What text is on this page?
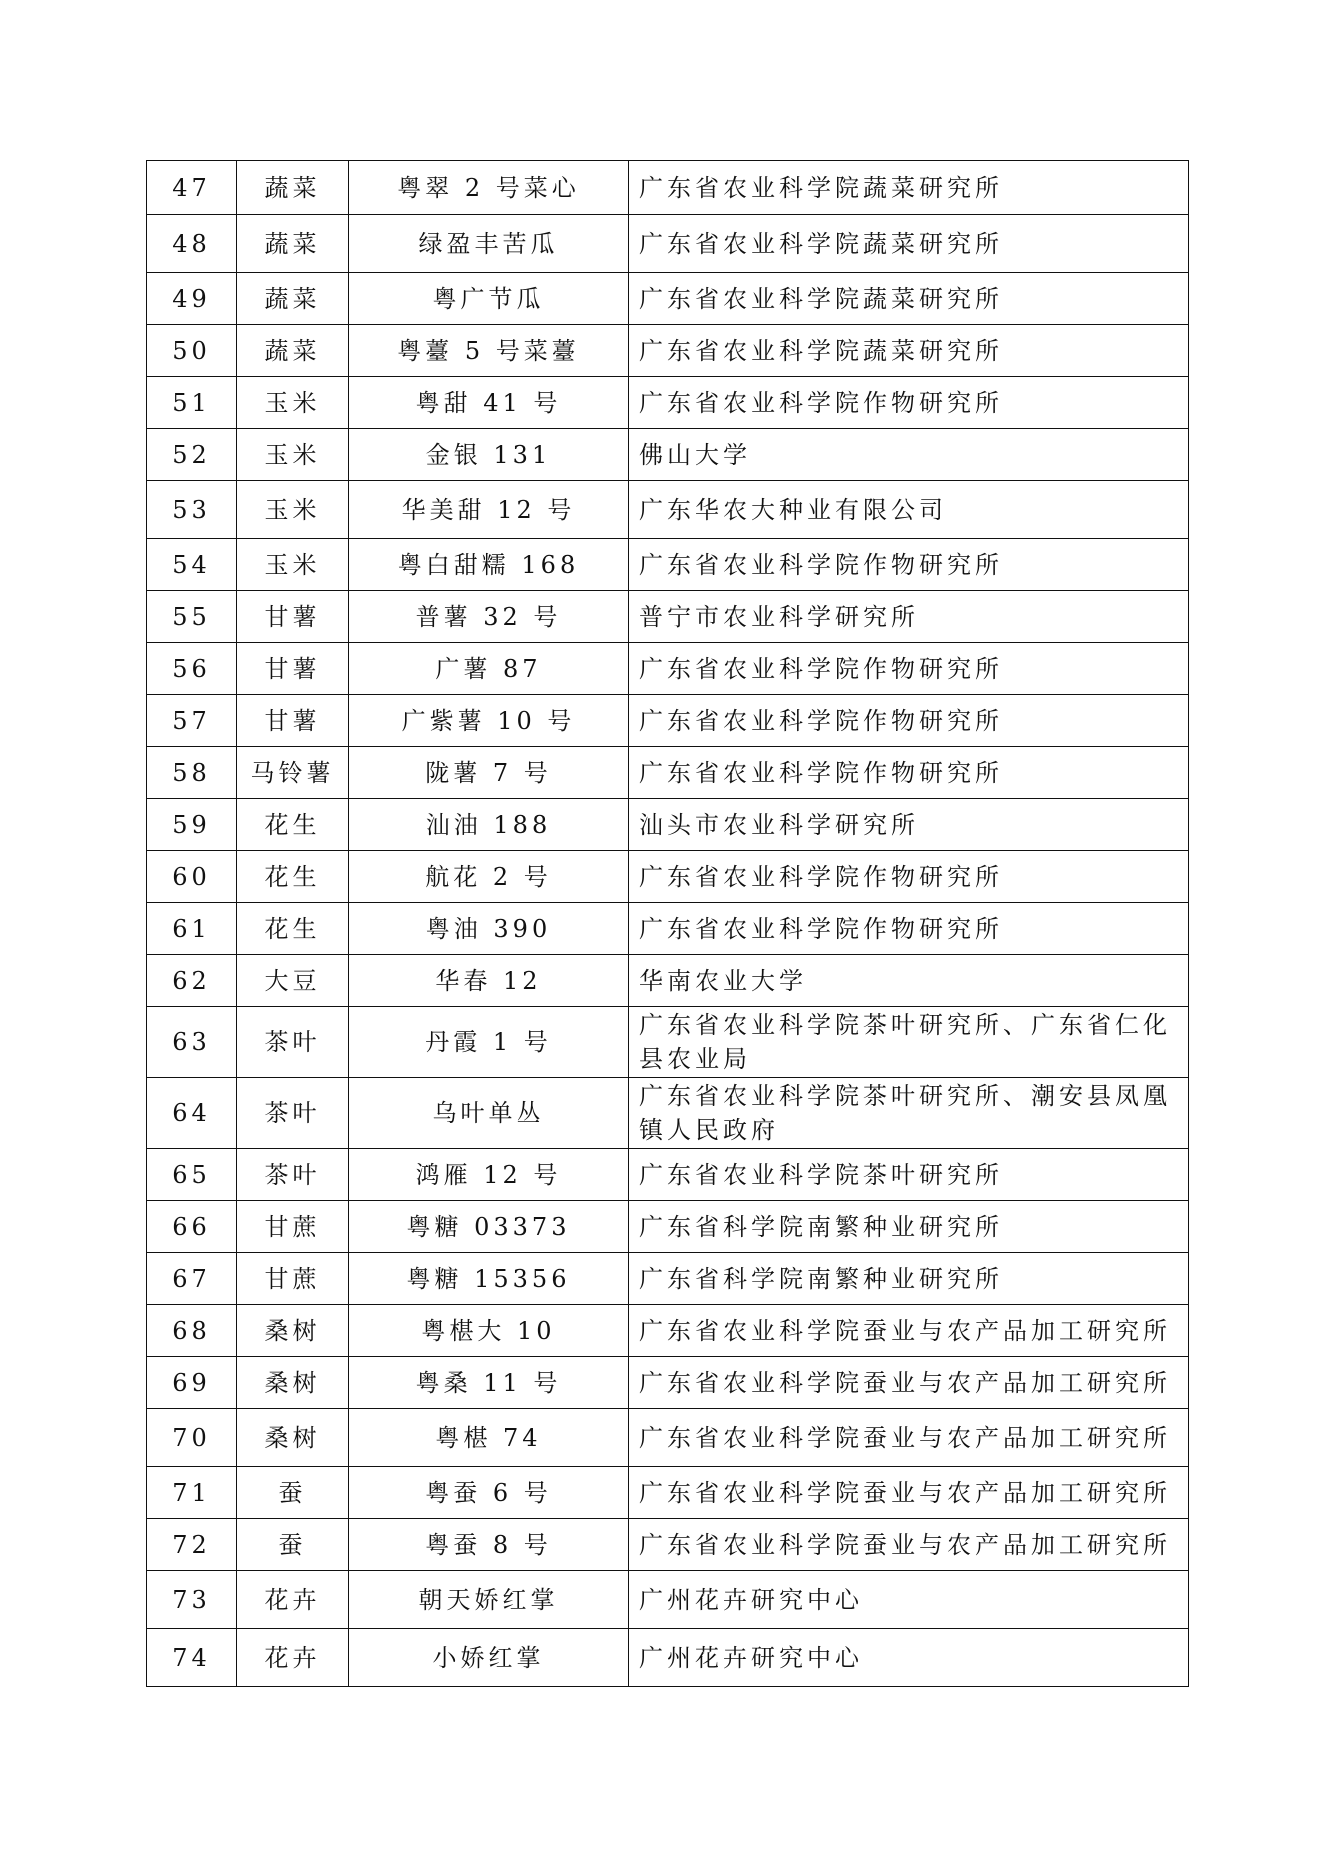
47	蔬菜	粤翠 2 号菜心	广东省农业科学院蔬菜研究所
48	蔬菜	绿盈丰苦瓜	广东省农业科学院蔬菜研究所
49	蔬菜	粤广节瓜	广东省农业科学院蔬菜研究所
50	蔬菜	粤薹 5 号菜薹	广东省农业科学院蔬菜研究所
51	玉米	粤甜 41 号	广东省农业科学院作物研究所
52	玉米	金银 131	佛山大学
53	玉米	华美甜 12 号	广东华农大种业有限公司
54	玉米	粤白甜糯 168	广东省农业科学院作物研究所
55	甘薯	普薯 32 号	普宁市农业科学研究所
56	甘薯	广薯 87	广东省农业科学院作物研究所
57	甘薯	广紫薯 10 号	广东省农业科学院作物研究所
58	马铃薯	陇薯 7 号	广东省农业科学院作物研究所
59	花生	汕油 188	汕头市农业科学研究所
60	花生	航花 2 号	广东省农业科学院作物研究所
61	花生	粤油 390	广东省农业科学院作物研究所
62	大豆	华春 12	华南农业大学
63	茶叶	丹霞 1 号	广东省农业科学院茶叶研究所、广东省仁化县农业局
64	茶叶	乌叶单丛	广东省农业科学院茶叶研究所、潮安县凤凰镇人民政府
65	茶叶	鸿雁 12 号	广东省农业科学院茶叶研究所
66	甘蔗	粤糖 03373	广东省科学院南繁种业研究所
67	甘蔗	粤糖 15356	广东省科学院南繁种业研究所
68	桑树	粤椹大 10	广东省农业科学院蚕业与农产品加工研究所
69	桑树	粤桑 11 号	广东省农业科学院蚕业与农产品加工研究所
70	桑树	粤椹 74	广东省农业科学院蚕业与农产品加工研究所
71	蚕	粤蚕 6 号	广东省农业科学院蚕业与农产品加工研究所
72	蚕	粤蚕 8 号	广东省农业科学院蚕业与农产品加工研究所
73	花卉	朝天娇红掌	广州花卉研究中心
74	花卉	小娇红掌	广州花卉研究中心
